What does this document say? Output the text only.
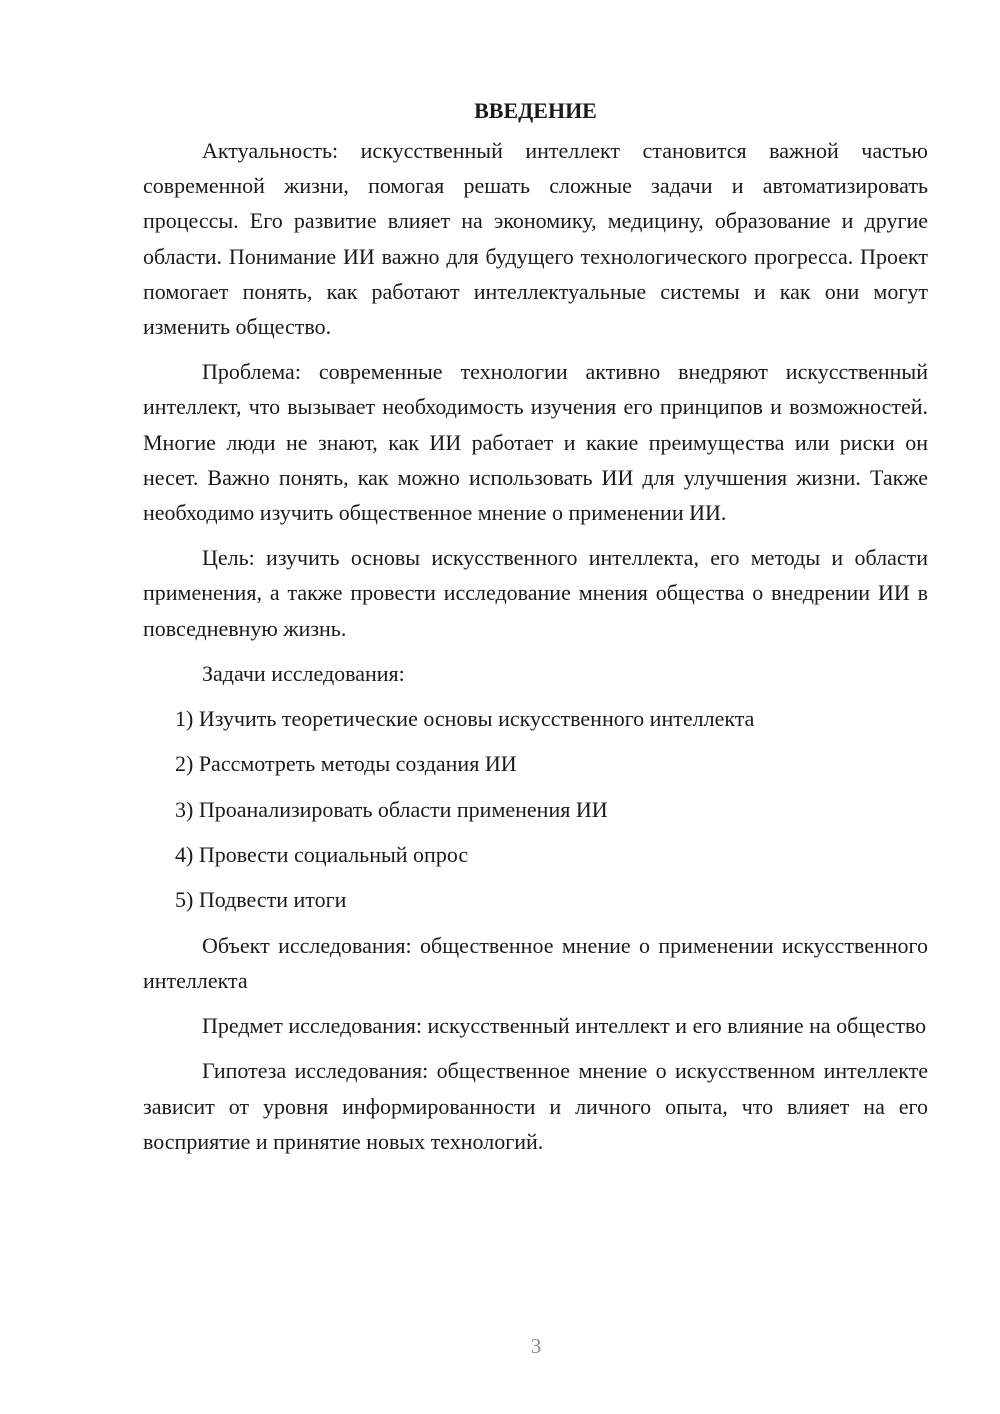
ВВЕДЕНИЕ

Актуальность: искусственный интеллект становится важной частью современной жизни, помогая решать сложные задачи и автоматизировать процессы. Его развитие влияет на экономику, медицину, образование и другие области. Понимание ИИ важно для будущего технологического прогресса. Проект помогает понять, как работают интеллектуальные системы и как они могут изменить общество.

Проблема: современные технологии активно внедряют искусственный интеллект, что вызывает необходимость изучения его принципов и возможностей. Многие люди не знают, как ИИ работает и какие преимущества или риски он несет. Важно понять, как можно использовать ИИ для улучшения жизни. Также необходимо изучить общественное мнение о применении ИИ.

Цель: изучить основы искусственного интеллекта, его методы и области применения, а также провести исследование мнения общества о внедрении ИИ в повседневную жизнь.

Задачи исследования:

1) Изучить теоретические основы искусственного интеллекта
2) Рассмотреть методы создания ИИ
3) Проанализировать области применения ИИ
4) Провести социальный опрос
5) Подвести итоги

Объект исследования: общественное мнение о применении искусственного интеллекта

Предмет исследования: искусственный интеллект и его влияние на общество

Гипотеза исследования: общественное мнение о искусственном интеллекте зависит от уровня информированности и личного опыта, что влияет на его восприятие и принятие новых технологий.

3
